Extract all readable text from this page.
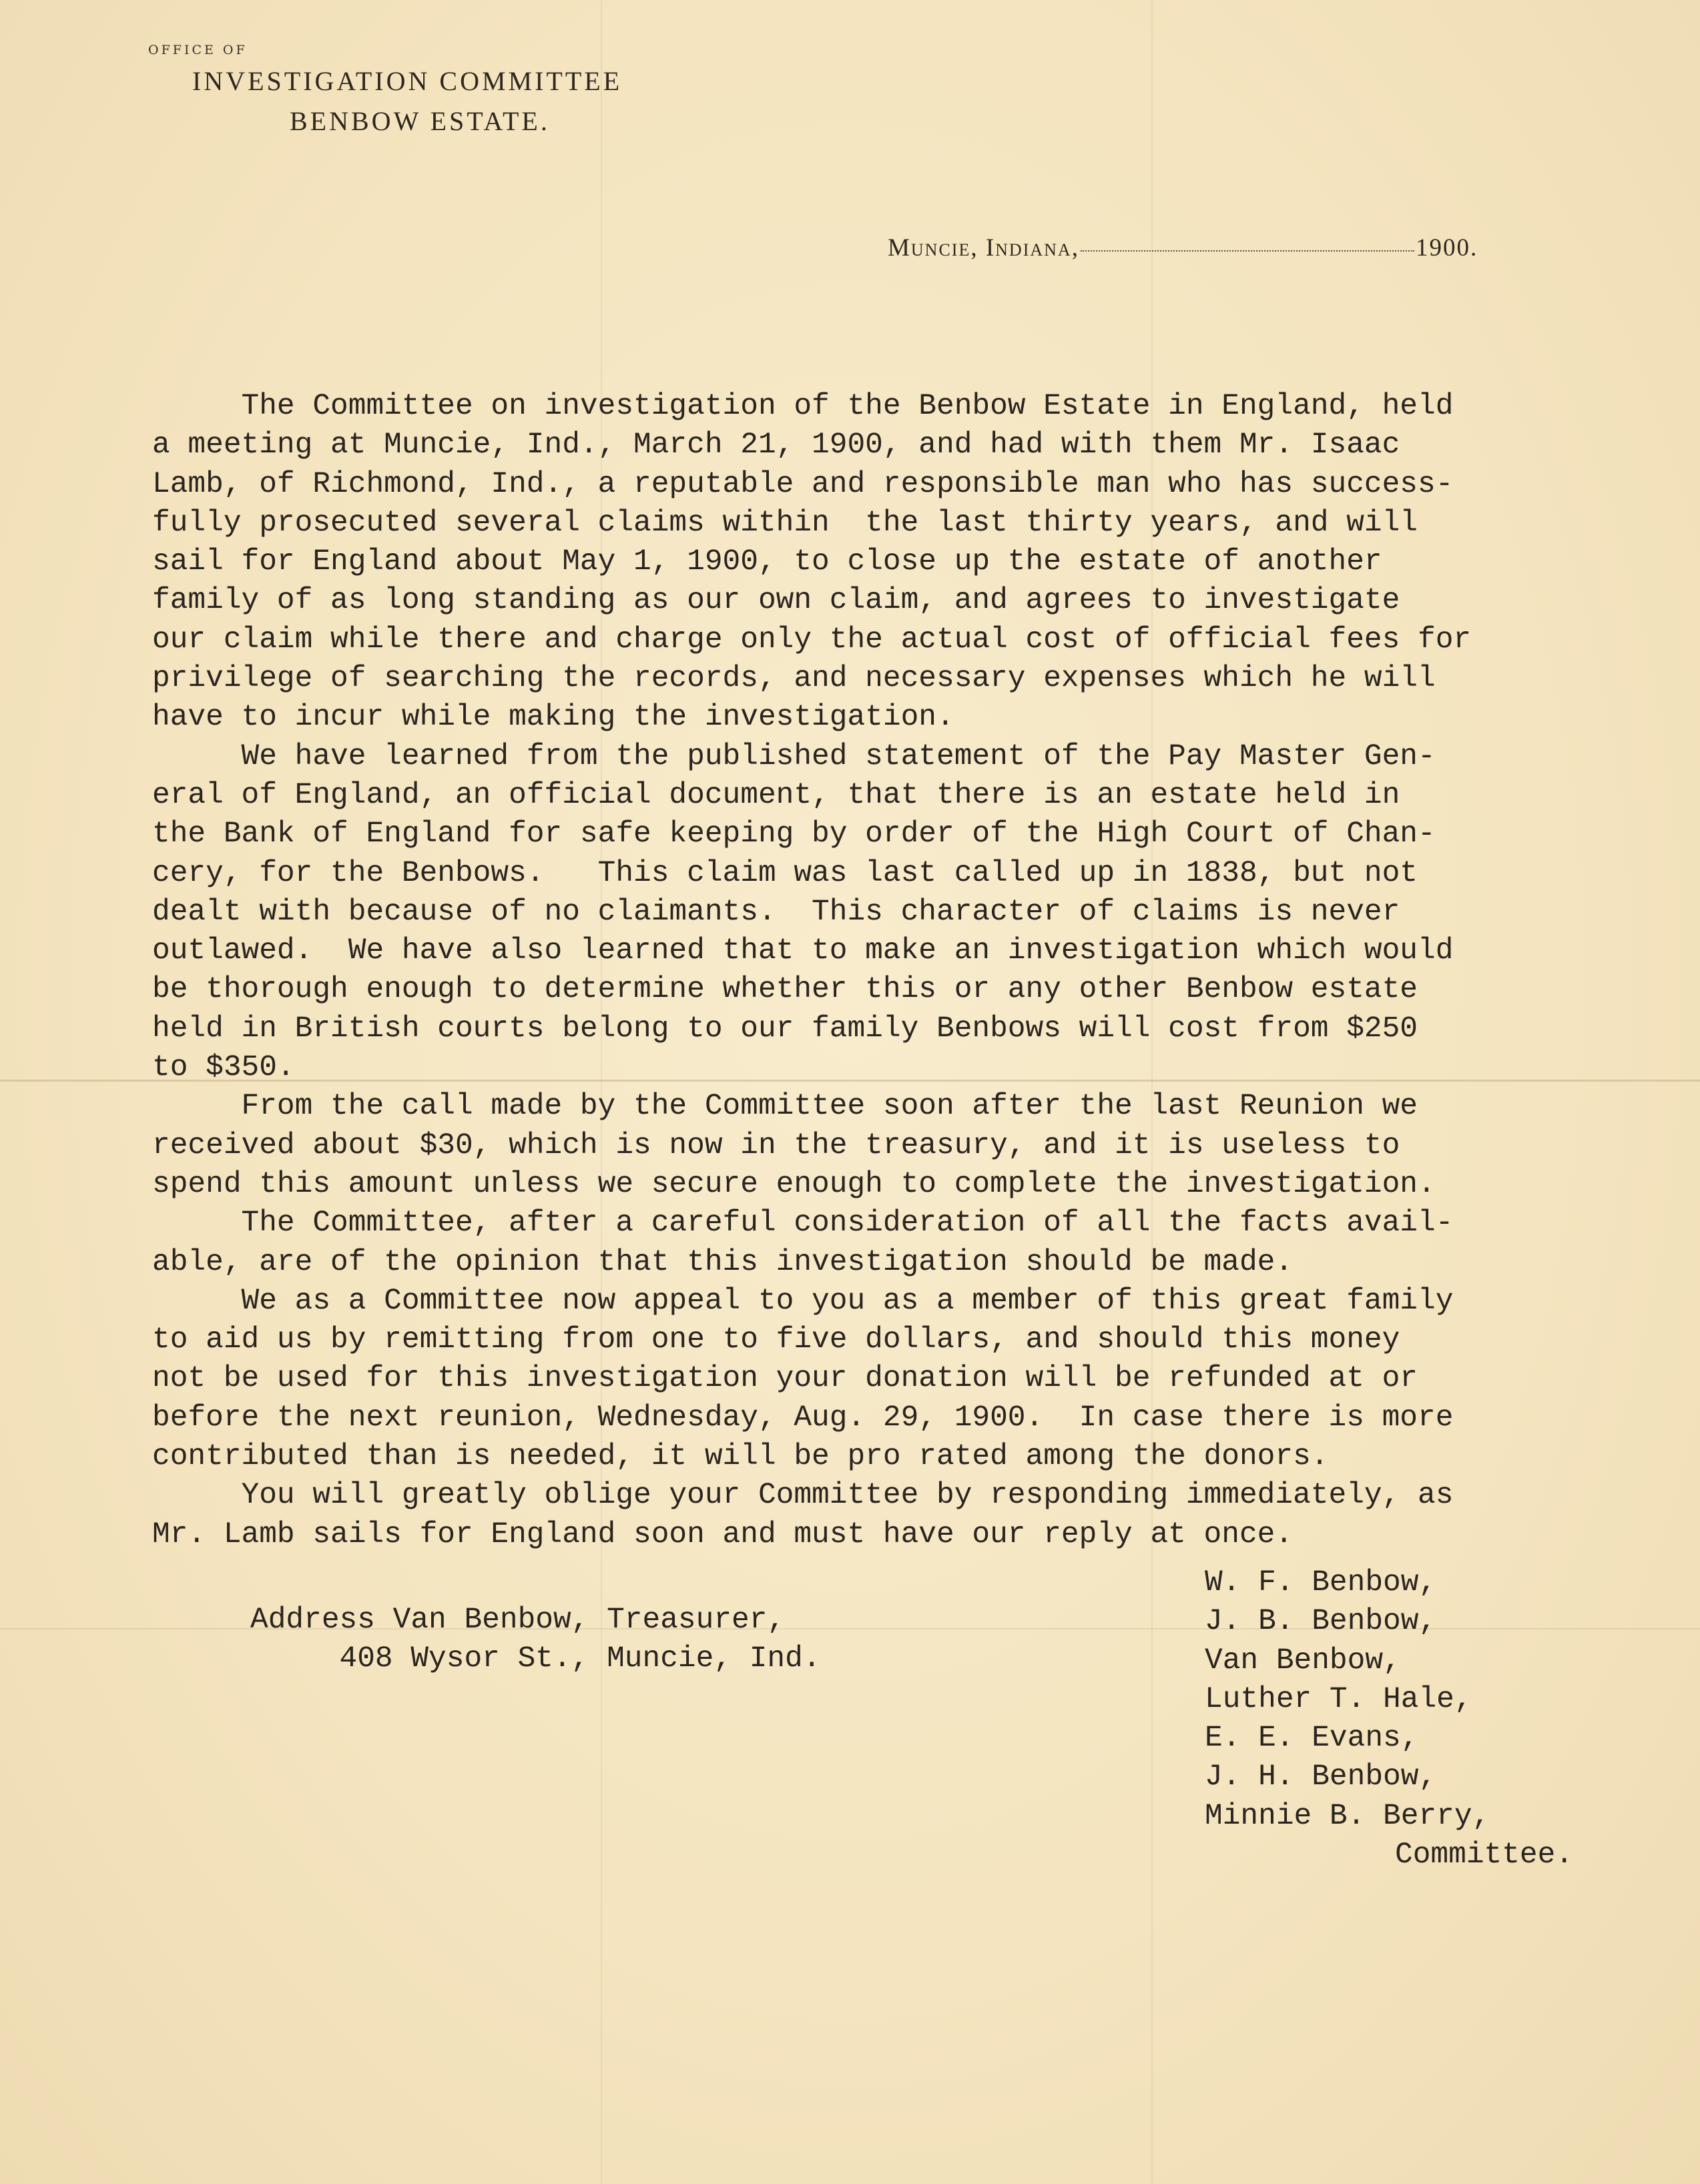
OFFICE OF
INVESTIGATION COMMITTEE
BENBOW ESTATE.
Muncie, Indiana,	1900.
The Committee on investigation of the Benbow Estate in England, held
a meeting at Muncie, Ind., March 21, 1900, and had with them Mr. Isaac
Lamb, of Richmond, Ind., a reputable and responsible man who has success-
fully prosecuted several claims within  the last thirty years, and will
sail for England about May 1, 1900, to close up the estate of another
family of as long standing as our own claim, and agrees to investigate
our claim while there and charge only the actual cost of official fees for
privilege of searching the records, and necessary expenses which he will
have to incur while making the investigation.
We have learned from the published statement of the Pay Master Gen-
eral of England, an official document, that there is an estate held in
the Bank of England for safe keeping by order of the High Court of Chan-
cery, for the Benbows.   This claim was last called up in 1838, but not
dealt with because of no claimants.  This character of claims is never
outlawed.  We have also learned that to make an investigation which would
be thorough enough to determine whether this or any other Benbow estate
held in British courts belong to our family Benbows will cost from $250
to $350.
From the call made by the Committee soon after the last Reunion we
received about $30, which is now in the treasury, and it is useless to
spend this amount unless we secure enough to complete the investigation.
The Committee, after a careful consideration of all the facts avail-
able, are of the opinion that this investigation should be made.
We as a Committee now appeal to you as a member of this great family
to aid us by remitting from one to five dollars, and should this money
not be used for this investigation your donation will be refunded at or
before the next reunion, Wednesday, Aug. 29, 1900.  In case there is more
contributed than is needed, it will be pro rated among the donors.
You will greatly oblige your Committee by responding immediately, as
Mr. Lamb sails for England soon and must have our reply at once.
Address Van Benbow, Treasurer,
408 Wysor St., Muncie, Ind.
W. F. Benbow,
J. B. Benbow,
Van Benbow,
Luther T. Hale,
E. E. Evans,
J. H. Benbow,
Minnie B. Berry,
Committee.
